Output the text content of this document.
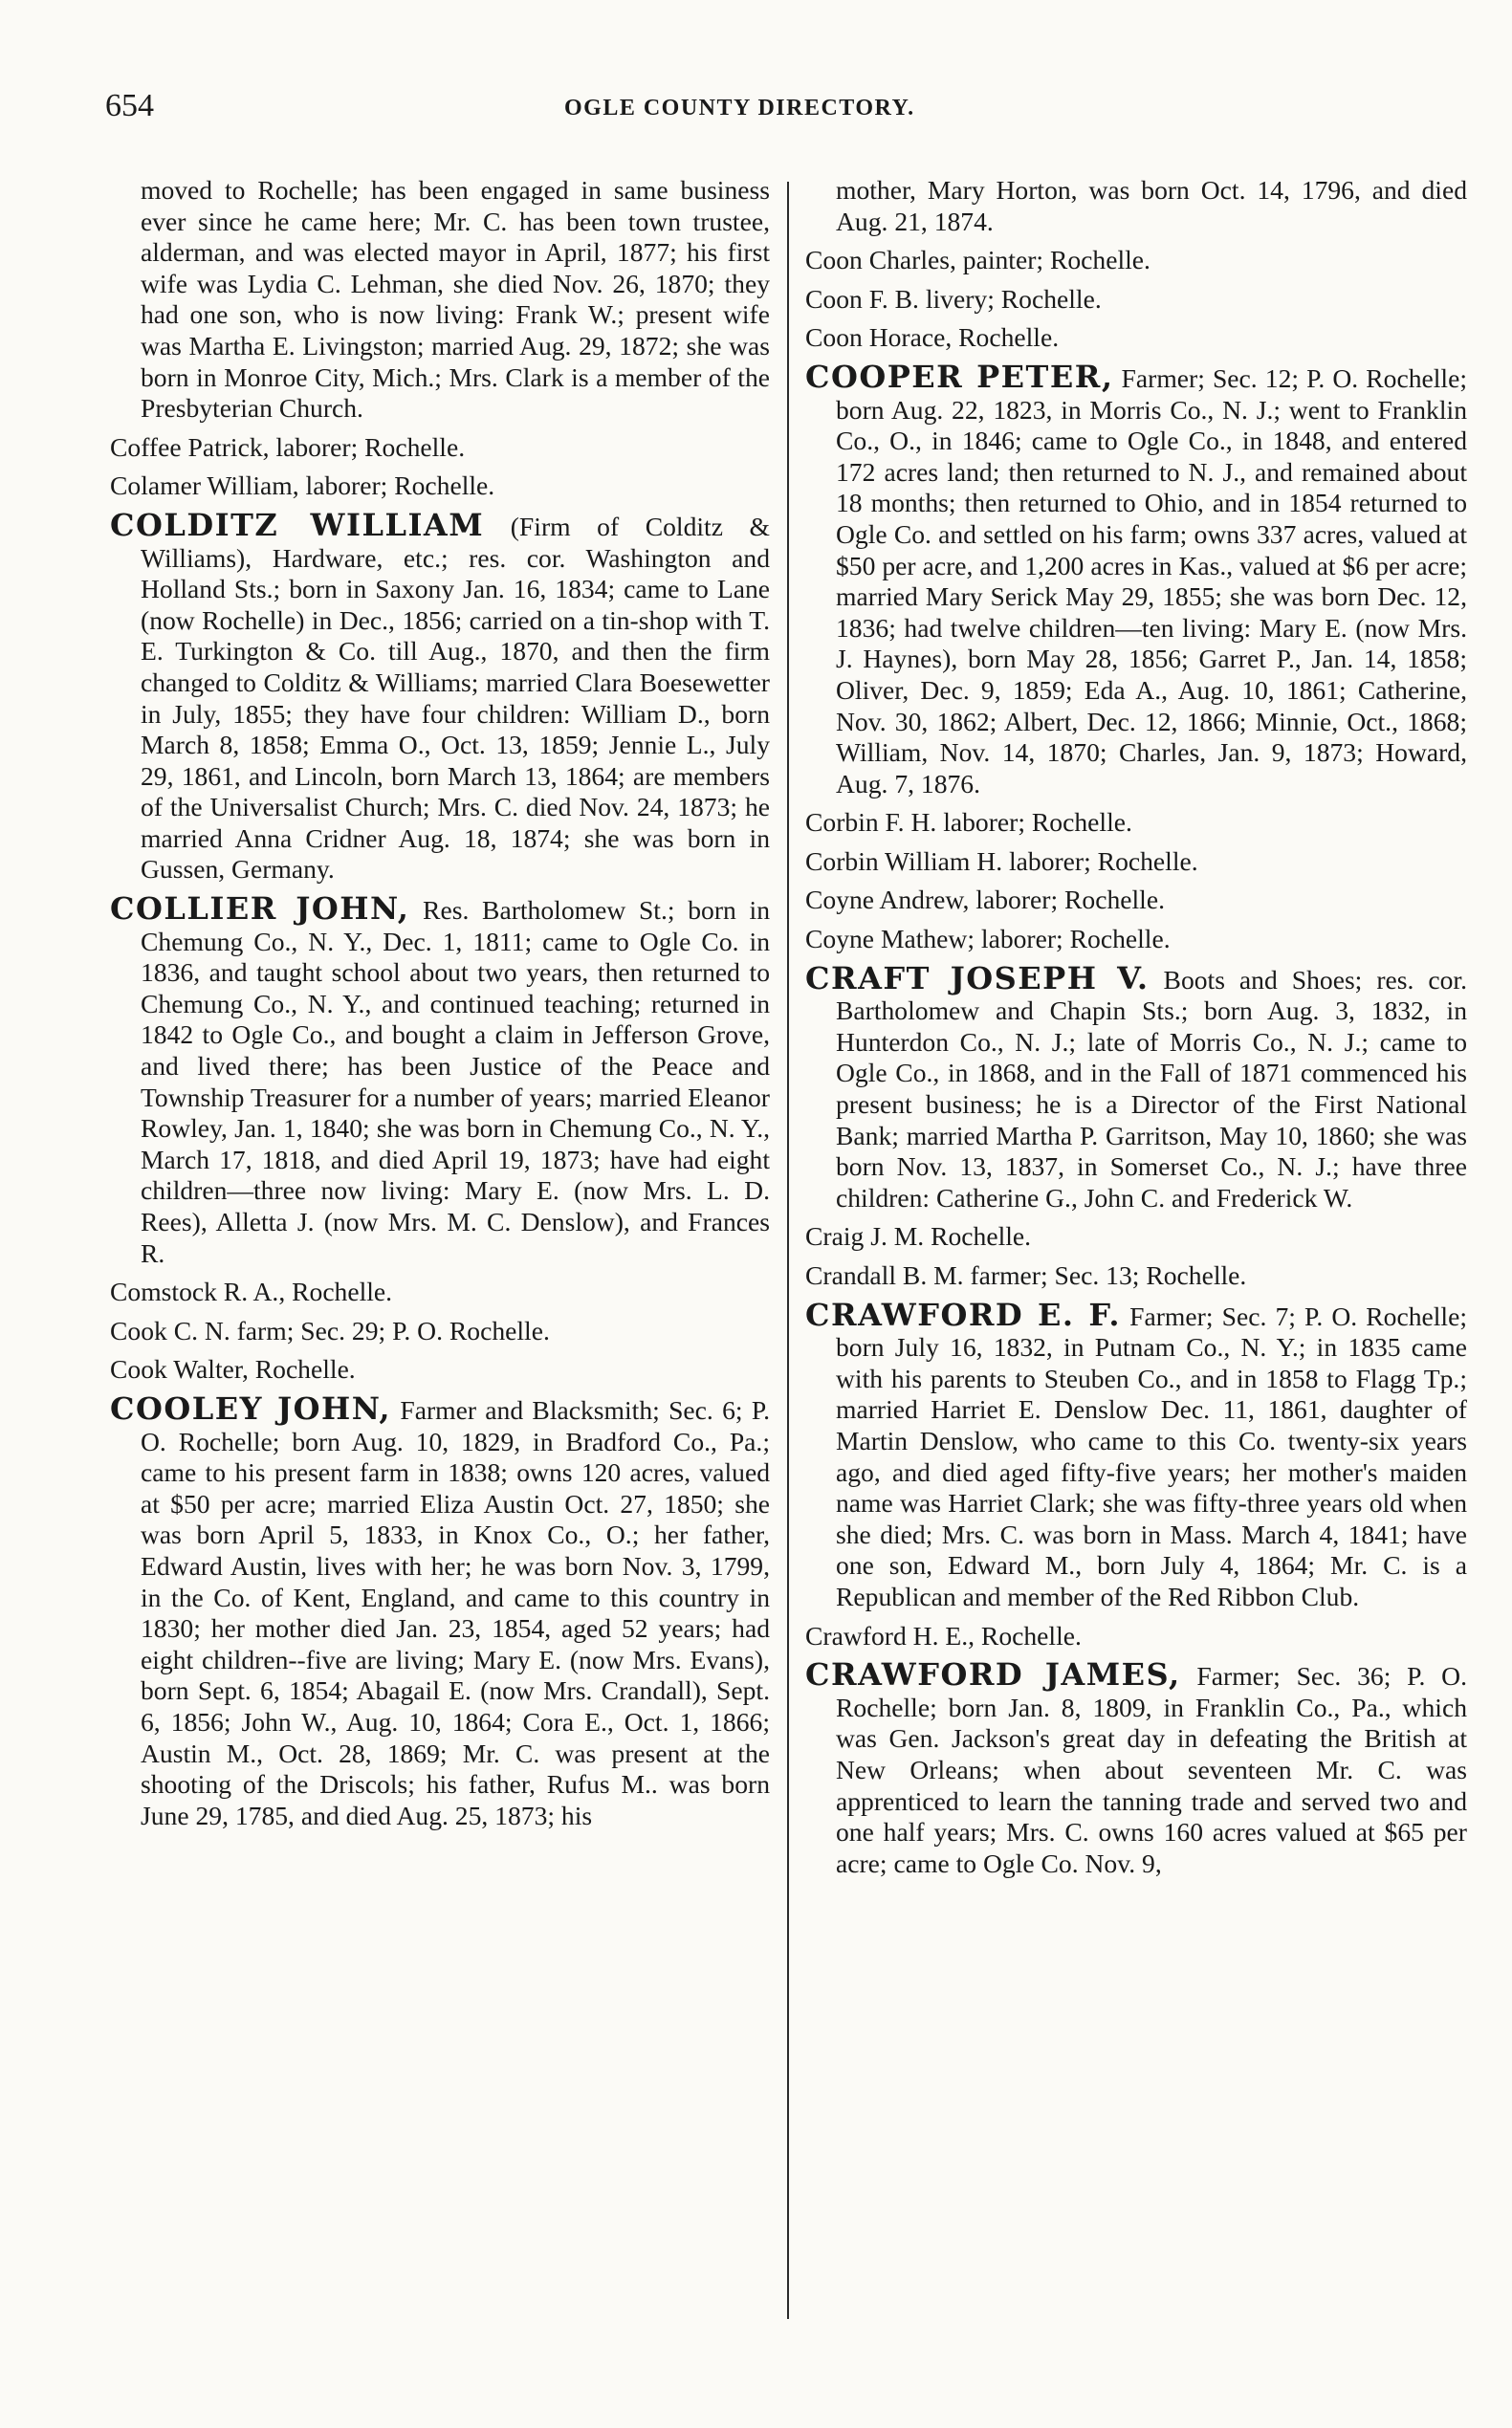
654	OGLE COUNTY DIRECTORY.

moved to Rochelle; has been engaged in same business ever since he came here; Mr. C. has been town trustee, alderman, and was elected mayor in April, 1877; his first wife was Lydia C. Lehman, she died Nov. 26, 1870; they had one son, who is now living: Frank W.; present wife was Martha E. Livingston; married Aug. 29, 1872; she was born in Monroe City, Mich.; Mrs. Clark is a member of the Presbyterian Church.

Coffee Patrick, laborer; Rochelle.

Colamer William, laborer; Rochelle.

COLDITZ WILLIAM (Firm of Colditz & Williams), Hardware, etc.; res. cor. Washington and Holland Sts.; born in Saxony Jan. 16, 1834; came to Lane (now Rochelle) in Dec., 1856; carried on a tin-shop with T. E. Turkington & Co. till Aug., 1870, and then the firm changed to Colditz & Williams; married Clara Boesewetter in July, 1855; they have four children: William D., born March 8, 1858; Emma O., Oct. 13, 1859; Jennie L., July 29, 1861, and Lincoln, born March 13, 1864; are members of the Universalist Church; Mrs. C. died Nov. 24, 1873; he married Anna Cridner Aug. 18, 1874; she was born in Gussen, Germany.

COLLIER JOHN, Res. Bartholomew St.; born in Chemung Co., N. Y., Dec. 1, 1811; came to Ogle Co. in 1836, and taught school about two years, then returned to Chemung Co., N. Y., and continued teaching; returned in 1842 to Ogle Co., and bought a claim in Jefferson Grove, and lived there; has been Justice of the Peace and Township Treasurer for a number of years; married Eleanor Rowley, Jan. 1, 1840; she was born in Chemung Co., N. Y., March 17, 1818, and died April 19, 1873; have had eight children—three now living: Mary E. (now Mrs. L. D. Rees), Alletta J. (now Mrs. M. C. Denslow), and Frances R.

Comstock R. A., Rochelle.

Cook C. N. farm; Sec. 29; P. O. Rochelle.

Cook Walter, Rochelle.

COOLEY JOHN, Farmer and Blacksmith; Sec. 6; P. O. Rochelle; born Aug. 10, 1829, in Bradford Co., Pa.; came to his present farm in 1838; owns 120 acres, valued at $50 per acre; married Eliza Austin Oct. 27, 1850; she was born April 5, 1833, in Knox Co., O.; her father, Edward Austin, lives with her; he was born Nov. 3, 1799, in the Co. of Kent, England, and came to this country in 1830; her mother died Jan. 23, 1854, aged 52 years; had eight children--five are living; Mary E. (now Mrs. Evans), born Sept. 6, 1854; Abagail E. (now Mrs. Crandall), Sept. 6, 1856; John W., Aug. 10, 1864; Cora E., Oct. 1, 1866; Austin M., Oct. 28, 1869; Mr. C. was present at the shooting of the Driscols; his father, Rufus M.. was born June 29, 1785, and died Aug. 25, 1873; his

mother, Mary Horton, was born Oct. 14, 1796, and died Aug. 21, 1874.

Coon Charles, painter; Rochelle.

Coon F. B. livery; Rochelle.

Coon Horace, Rochelle.

COOPER PETER, Farmer; Sec. 12; P. O. Rochelle; born Aug. 22, 1823, in Morris Co., N. J.; went to Franklin Co., O., in 1846; came to Ogle Co., in 1848, and entered 172 acres land; then returned to N. J., and remained about 18 months; then returned to Ohio, and in 1854 returned to Ogle Co. and settled on his farm; owns 337 acres, valued at $50 per acre, and 1,200 acres in Kas., valued at $6 per acre; married Mary Serick May 29, 1855; she was born Dec. 12, 1836; had twelve children—ten living: Mary E. (now Mrs. J. Haynes), born May 28, 1856; Garret P., Jan. 14, 1858; Oliver, Dec. 9, 1859; Eda A., Aug. 10, 1861; Catherine, Nov. 30, 1862; Albert, Dec. 12, 1866; Minnie, Oct., 1868; William, Nov. 14, 1870; Charles, Jan. 9, 1873; Howard, Aug. 7, 1876.

Corbin F. H. laborer; Rochelle.

Corbin William H. laborer; Rochelle.

Coyne Andrew, laborer; Rochelle.

Coyne Mathew; laborer; Rochelle.

CRAFT JOSEPH V. Boots and Shoes; res. cor. Bartholomew and Chapin Sts.; born Aug. 3, 1832, in Hunterdon Co., N. J.; late of Morris Co., N. J.; came to Ogle Co., in 1868, and in the Fall of 1871 commenced his present business; he is a Director of the First National Bank; married Martha P. Garritson, May 10, 1860; she was born Nov. 13, 1837, in Somerset Co., N. J.; have three children: Catherine G., John C. and Frederick W.

Craig J. M. Rochelle.

Crandall B. M. farmer; Sec. 13; Rochelle.

CRAWFORD E. F. Farmer; Sec. 7; P. O. Rochelle; born July 16, 1832, in Putnam Co., N. Y.; in 1835 came with his parents to Steuben Co., and in 1858 to Flagg Tp.; married Harriet E. Denslow Dec. 11, 1861, daughter of Martin Denslow, who came to this Co. twenty-six years ago, and died aged fifty-five years; her mother's maiden name was Harriet Clark; she was fifty-three years old when she died; Mrs. C. was born in Mass. March 4, 1841; have one son, Edward M., born July 4, 1864; Mr. C. is a Republican and member of the Red Ribbon Club.

Crawford H. E., Rochelle.

CRAWFORD JAMES, Farmer; Sec. 36; P. O. Rochelle; born Jan. 8, 1809, in Franklin Co., Pa., which was Gen. Jackson's great day in defeating the British at New Orleans; when about seventeen Mr. C. was apprenticed to learn the tanning trade and served two and one half years; Mrs. C. owns 160 acres valued at $65 per acre; came to Ogle Co. Nov. 9,
